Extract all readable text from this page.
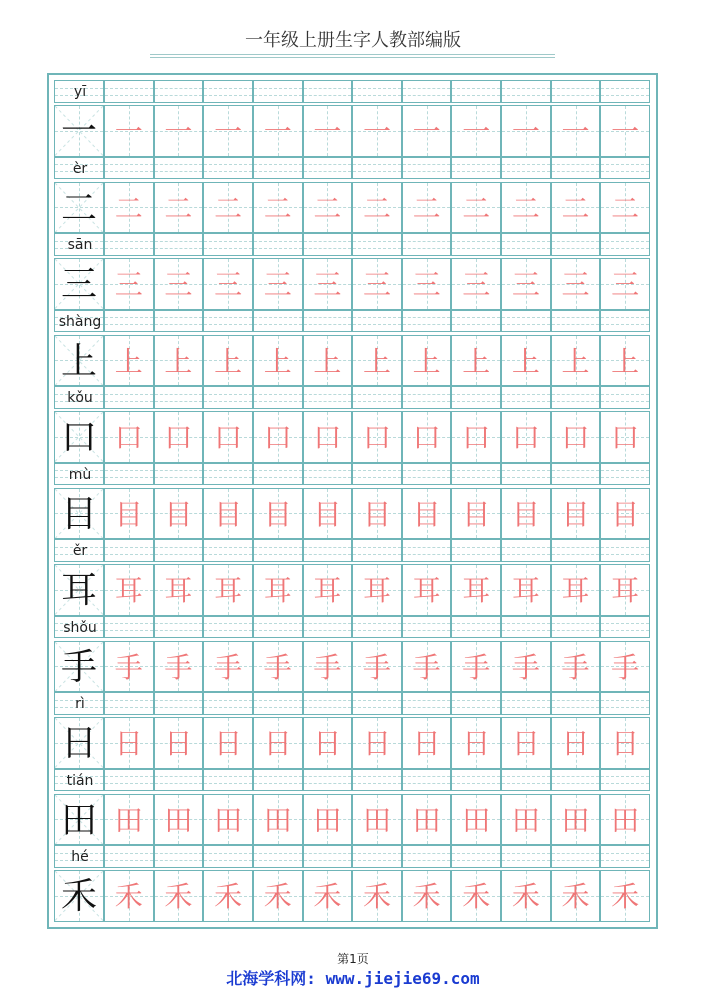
一年级上册生字人教部编版
yī
一 一 一 一 一 一 一 一 一 一 一 一
èr
二 二 二 二 二 二 二 二 二 二 二 二
sān
三 三 三 三 三 三 三 三 三 三 三 三
shàng
上 上 上 上 上 上 上 上 上 上 上 上
kǒu
口 口 口 口 口 口 口 口 口 口 口 口
mù
目 目 目 目 目 目 目 目 目 目 目 目
ěr
耳 耳 耳 耳 耳 耳 耳 耳 耳 耳 耳 耳
shǒu
手 手 手 手 手 手 手 手 手 手 手 手
rì
日 日 日 日 日 日 日 日 日 日 日 日
tián
田 田 田 田 田 田 田 田 田 田 田 田
hé
禾 禾 禾 禾 禾 禾 禾 禾 禾 禾 禾 禾
第1页
北海学科网: www.jiejie69.com
